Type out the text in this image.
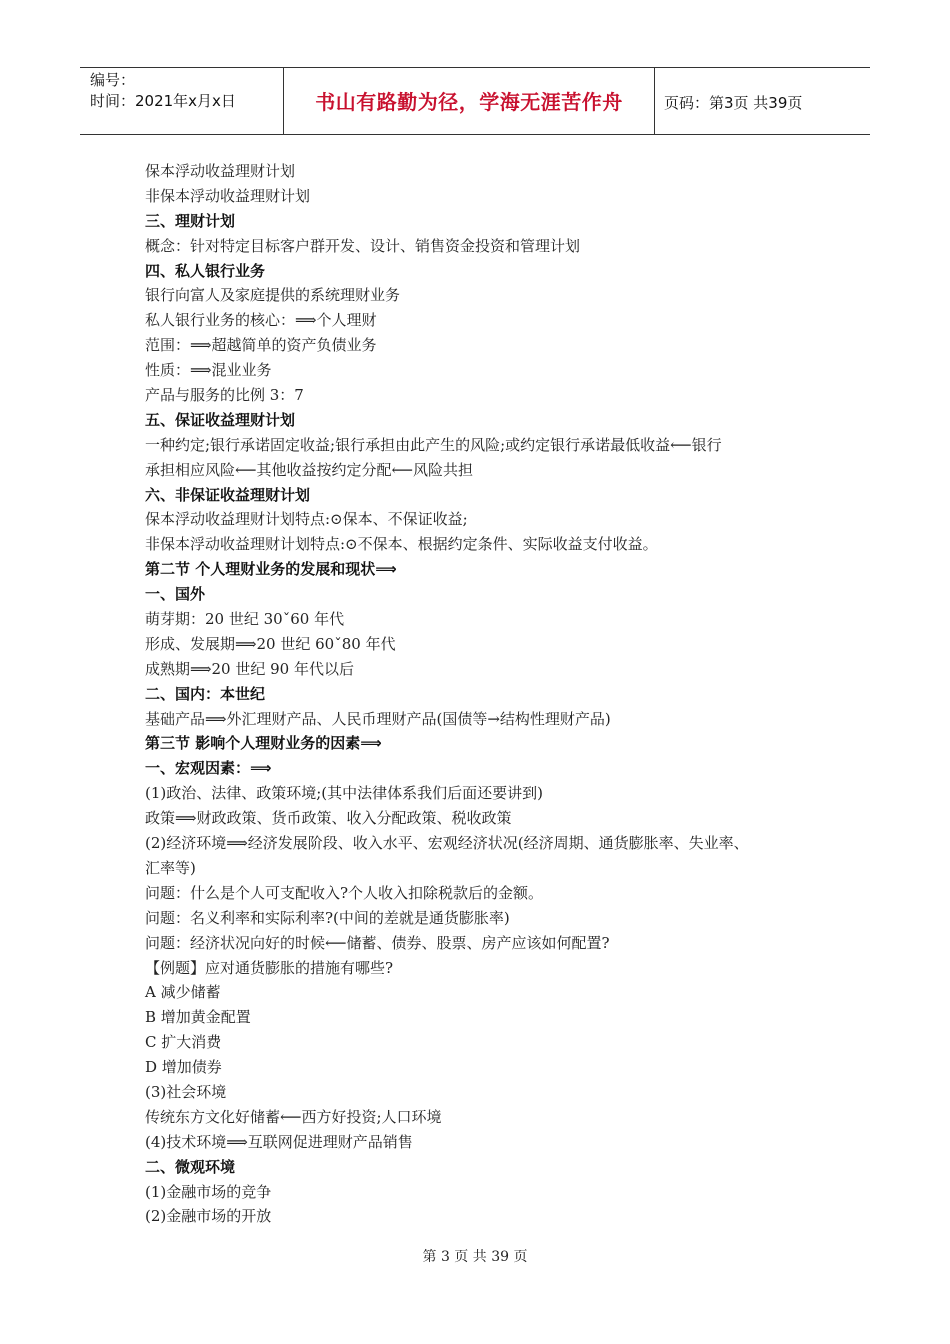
编号：
时间：2021年x月x日	书山有路勤为径，学海无涯苦作舟	页码：第3页 共39页
保本浮动收益理财计划
非保本浮动收益理财计划
三、理财计划
概念：针对特定目标客户群开发、设计、销售资金投资和管理计划
四、私人银行业务
银行向富人及家庭提供的系统理财业务
私人银行业务的核心：⟹个人理财
范围：⟹超越简单的资产负债业务
性质：⟹混业业务
产品与服务的比例 3：7
五、保证收益理财计划
一种约定;银行承诺固定收益;银行承担由此产生的风险;或约定银行承诺最低收益⟵银行
承担相应风险⟵其他收益按约定分配⟵风险共担
六、非保证收益理财计划
保本浮动收益理财计划特点:⊙保本、不保证收益;
非保本浮动收益理财计划特点:⊙不保本、根据约定条件、实际收益支付收益。
第二节 个人理财业务的发展和现状⟹
一、国外
萌芽期：20 世纪 30ˇ60 年代
形成、发展期⟹20 世纪 60ˇ80 年代
成熟期⟹20 世纪 90 年代以后
二、国内：本世纪
基础产品⟹外汇理财产品、人民币理财产品(国债等→结构性理财产品)
第三节 影响个人理财业务的因素⟹
一、宏观因素：⟹
(1)政治、法律、政策环境;(其中法律体系我们后面还要讲到)
政策⟹财政政策、货币政策、收入分配政策、税收政策
(2)经济环境⟹经济发展阶段、收入水平、宏观经济状况(经济周期、通货膨胀率、失业率、
汇率等)
问题：什么是个人可支配收入?个人收入扣除税款后的金额。
问题：名义利率和实际利率?(中间的差就是通货膨胀率)
问题：经济状况向好的时候⟵储蓄、债券、股票、房产应该如何配置?
【例题】应对通货膨胀的措施有哪些?
A 减少储蓄
B 增加黄金配置
C 扩大消费
D 增加债券
(3)社会环境
传统东方文化好储蓄⟵西方好投资;人口环境
(4)技术环境⟹互联网促进理财产品销售
二、微观环境
(1)金融市场的竞争
(2)金融市场的开放
第 3 页 共 39 页
